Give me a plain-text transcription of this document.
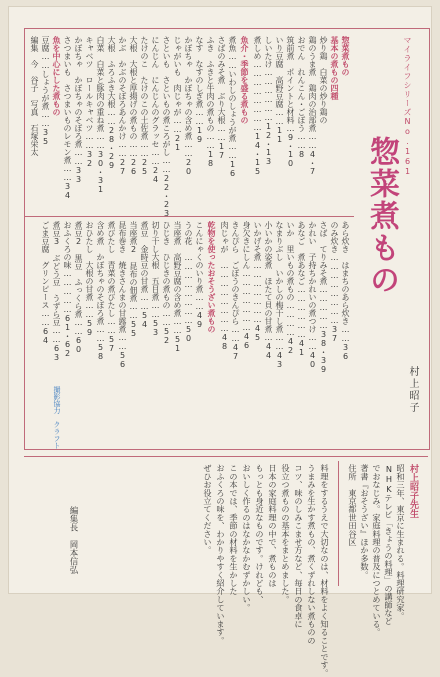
マイライフシリーズNo.161
惣菜煮もの
村上昭子
惣菜煮もの
基本の煮もの四種
炒り鶏　白菜の炒り鶏の
鶏のうま煮　鶏肉の治部煮……4・7
おでん　れんこん・ごぼう……8
筑前煮　ポイントと材料…9・10
いり豆腐　高野豆腐……11
しいたけ………………12・13
煮しめ……………………14・15
魚介・季節を盛る煮もの
煮魚……いわしのしょうが煮……16
さばのみそ煮　ぶり大根……17
ふき　ふきと牛肉の煮もの……18
なす　なすのしぎ煮……19
かぼちゃ　かぼちゃの含め煮……20
じゃがいも　肉じゃが……21
さといも　さといもの煮ころがし……22・23
にんじん　にんじんのグラッセ……24
たけのこ　たけのこの土佐煮……25
大根　大根と厚揚げの煮もの……26
かぶ　かぶのそぼろあんかけ……27
大根　ふろふき大根……28・29
白菜　白菜と豚肉の重ね煮……30・31
キャベツ　ロールキャベツ……32
かぼちゃ　かぼちゃのそぼろ煮……33
さつまいも　さつまいものレモン煮……34
魚を中心にした煮もの
豆腐……しょうが煮……35
編集　今　谷子　写真　石塚栄太
あら炊き　はまちのあら炊き……36
のみ炊き……………………37
さば　てりみそ煮……………38・39
かれい　子持ちかれいの煮つけ……40
あなご　煮あなご………………41
いか　里いもの煮もの…………42
なまりぶし　いかしの梅干し煮……43
小いかの姿煮　ほたて貝の甘煮…44
いかげそ煮…………………45
身欠きにしん…………………46
きんぴら　ごぼうのきんぴら……47
肉じゃが　……………………48
乾物を使ったおそうざい煮もの
こんにゃくのいり煮……49
うの花　……………………50
当座煮　高野豆腐の含め煮……51
ひじき　ひじきの煮もの……52
切り干し大根　五目煮……53
煮豆　金時豆の甘煮……54
当座煮2　昆布の佃煮……55
昆布巻き　焼きさんまの甘露煮……56
煮びたし　青菜の煮びたし……57
含め煮　かぼちゃのそぼろ煮……58
おひたし　大根の甘煮……59
煮豆2　黒豆　ふっくら煮……60
おふくろの味……………61・62
煮豆3　ぶどう豆　うずら豆……63
ごま豆腐　グリンピース……64
撮影協力　クラフト
村上昭子先生
昭和三年、東京に生まれる。料理研究家。
NHKテレビ「きょうの料理」の講師など
でおなじみ。家庭料理の普及につとめている。
著書『おそうざい』ほか多数。
住所　東京都世田谷区
料理をするうえで大切なのは、材料をよく知ることです。
うまみを生かす煮もの、煮くずれしない煮ものの
コツ、味のしみこませ方など、毎日の食卓に
役立つ煮ものの基本をまとめました。
日本の家庭料理の中で、煮ものは
もっとも身近なものです。けれども、
おいしく作るのはなかなかむずかしい。
この本では、季節の材料を生かした
おふくろの味を、わかりやすく紹介しています。
ぜひお役立てください。
編集長　岡本信弘
